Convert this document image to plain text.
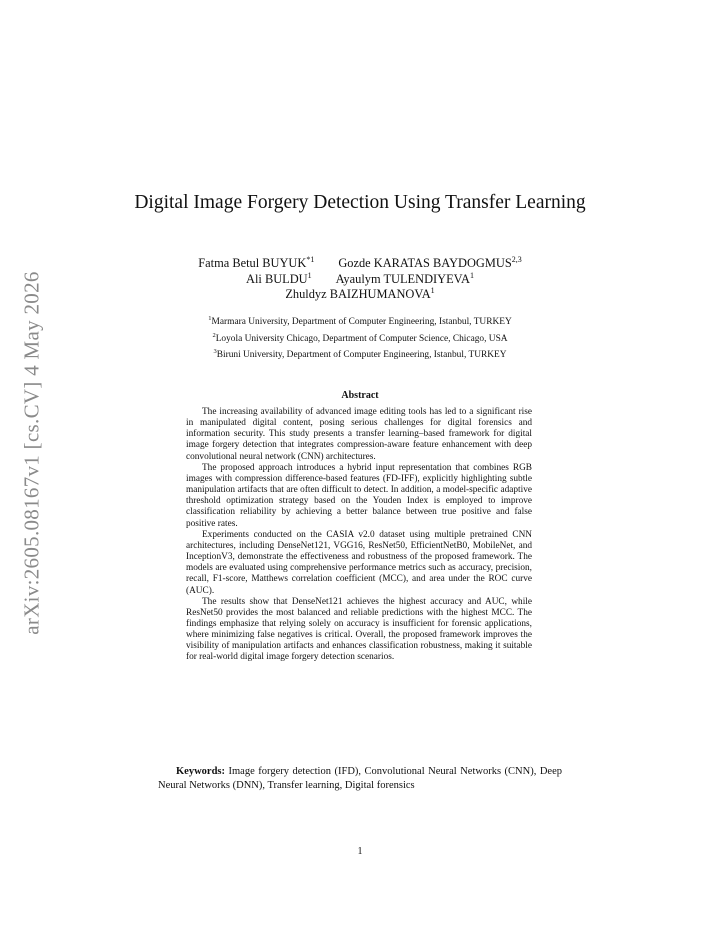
arXiv:2605.08167v1 [cs.CV] 4 May 2026
Digital Image Forgery Detection Using Transfer Learning
Fatma Betul BUYUK$^{*1}$	Gozde KARATAS BAYDOGMUS$^{2,3}$
Ali BULDU$^1$	Ayaulym TULENDIYEVA$^1$
Zhuldyz BAIZHUMANOVA$^1$
$^1$Marmara University, Department of Computer Engineering, Istanbul, TURKEY
$^2$Loyola University Chicago, Department of Computer Science, Chicago, USA
$^3$Biruni University, Department of Computer Engineering, Istanbul, TURKEY
Abstract

The increasing availability of advanced image editing tools has led to a significant rise in manipulated digital content, posing serious challenges for digital forensics and information security. This study presents a transfer learning–based framework for digital image forgery detection that integrates compression-aware feature enhancement with deep convolutional neural network (CNN) architectures.

The proposed approach introduces a hybrid input representation that combines RGB images with compression difference-based features (FD-IFF), explicitly highlighting subtle manipulation artifacts that are often difficult to detect. In addition, a model-specific adaptive threshold optimization strategy based on the Youden Index is employed to improve classification reliability by achieving a better balance between true positive and false positive rates.

Experiments conducted on the CASIA v2.0 dataset using multiple pretrained CNN architectures, including DenseNet121, VGG16, ResNet50, EfficientNetB0, MobileNet, and InceptionV3, demonstrate the effectiveness and robustness of the proposed framework. The models are evaluated using comprehensive performance metrics such as accuracy, precision, recall, F1-score, Matthews correlation coefficient (MCC), and area under the ROC curve (AUC).

The results show that DenseNet121 achieves the highest accuracy and AUC, while ResNet50 provides the most balanced and reliable predictions with the highest MCC. The findings emphasize that relying solely on accuracy is insufficient for forensic applications, where minimizing false negatives is critical. Overall, the proposed framework improves the visibility of manipulation artifacts and enhances classification robustness, making it suitable for real-world digital image forgery detection scenarios.

Keywords: Image forgery detection (IFD), Convolutional Neural Networks (CNN), Deep Neural Networks (DNN), Transfer learning, Digital forensics
1
